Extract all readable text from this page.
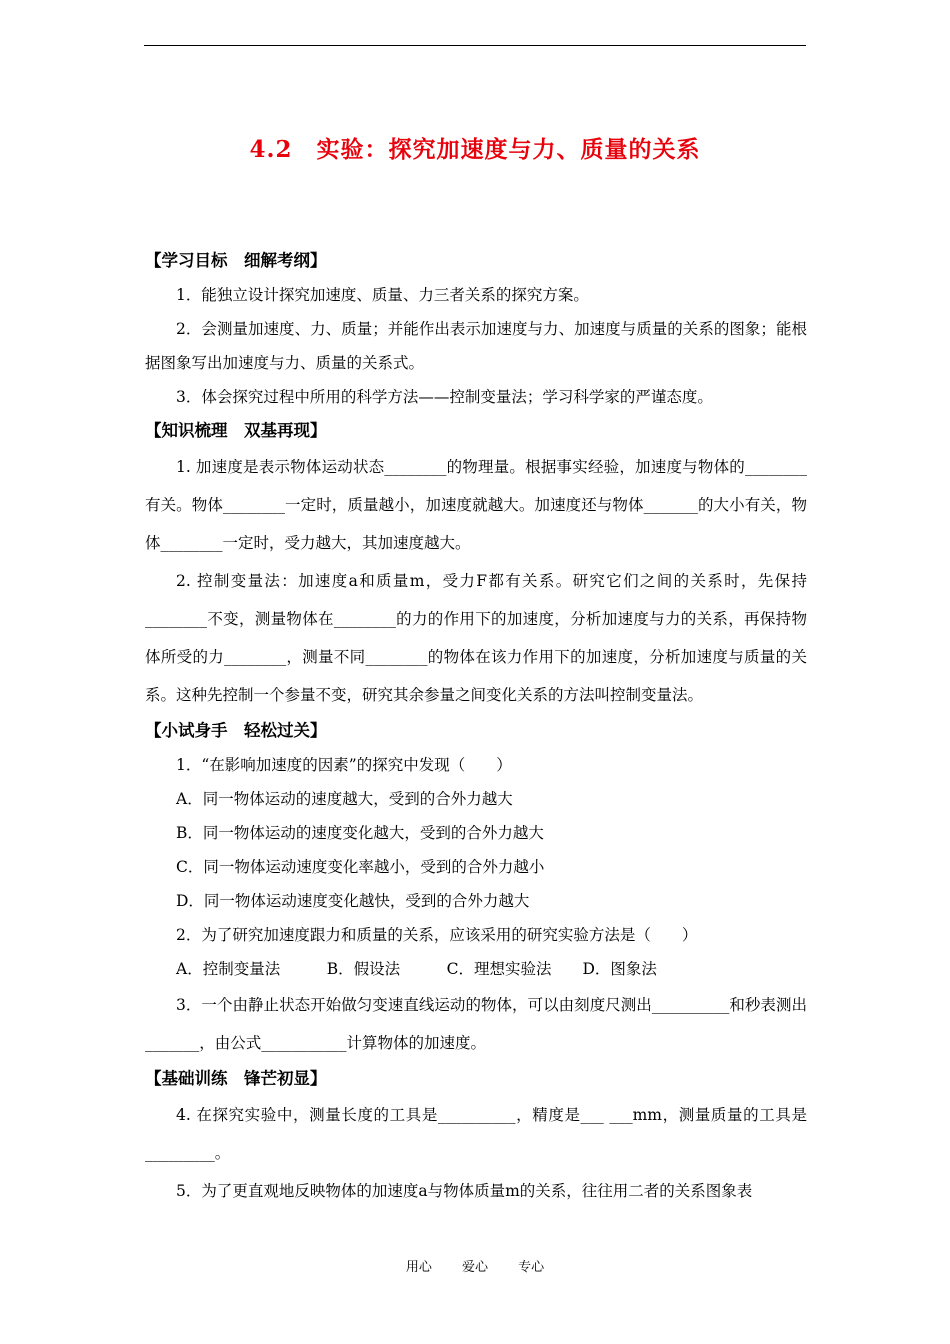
4.2　实验：探究加速度与力、质量的关系
【学习目标　细解考纲】
1．能独立设计探究加速度、质量、力三者关系的探究方案。
2．会测量加速度、力、质量；并能作出表示加速度与力、加速度与质量的关系的图象；能根据图象写出加速度与力、质量的关系式。
3．体会探究过程中所用的科学方法——控制变量法；学习科学家的严谨态度。
【知识梳理　双基再现】
1. 加速度是表示物体运动状态________的物理量。根据事实经验，加速度与物体的________有关。物体________一定时，质量越小，加速度就越大。加速度还与物体_______的大小有关，物体________一定时，受力越大，其加速度越大。
2. 控制变量法：加速度a和质量m，受力F都有关系。研究它们之间的关系时，先保持________不变，测量物体在________的力的作用下的加速度，分析加速度与力的关系，再保持物体所受的力________，测量不同________的物体在该力作用下的加速度，分析加速度与质量的关系。这种先控制一个参量不变，研究其余参量之间变化关系的方法叫控制变量法。
【小试身手　轻松过关】
1．“在影响加速度的因素”的探究中发现（　　）
A．同一物体运动的速度越大，受到的合外力越大
B．同一物体运动的速度变化越大，受到的合外力越大
C．同一物体运动速度变化率越小，受到的合外力越小
D．同一物体运动速度变化越快，受到的合外力越大
2．为了研究加速度跟力和质量的关系，应该采用的研究实验方法是（　　）
A．控制变量法　　　B．假设法　　　C．理想实验法　　D．图象法
3．一个由静止状态开始做匀变速直线运动的物体，可以由刻度尺测出__________和秒表测出_______，由公式___________计算物体的加速度。
【基础训练　锋芒初显】
4. 在探究实验中，测量长度的工具是__________，精度是___ ___mm，测量质量的工具是_________。
5．为了更直观地反映物体的加速度a与物体质量m的关系，往往用二者的关系图象表
用心 爱心 专心
